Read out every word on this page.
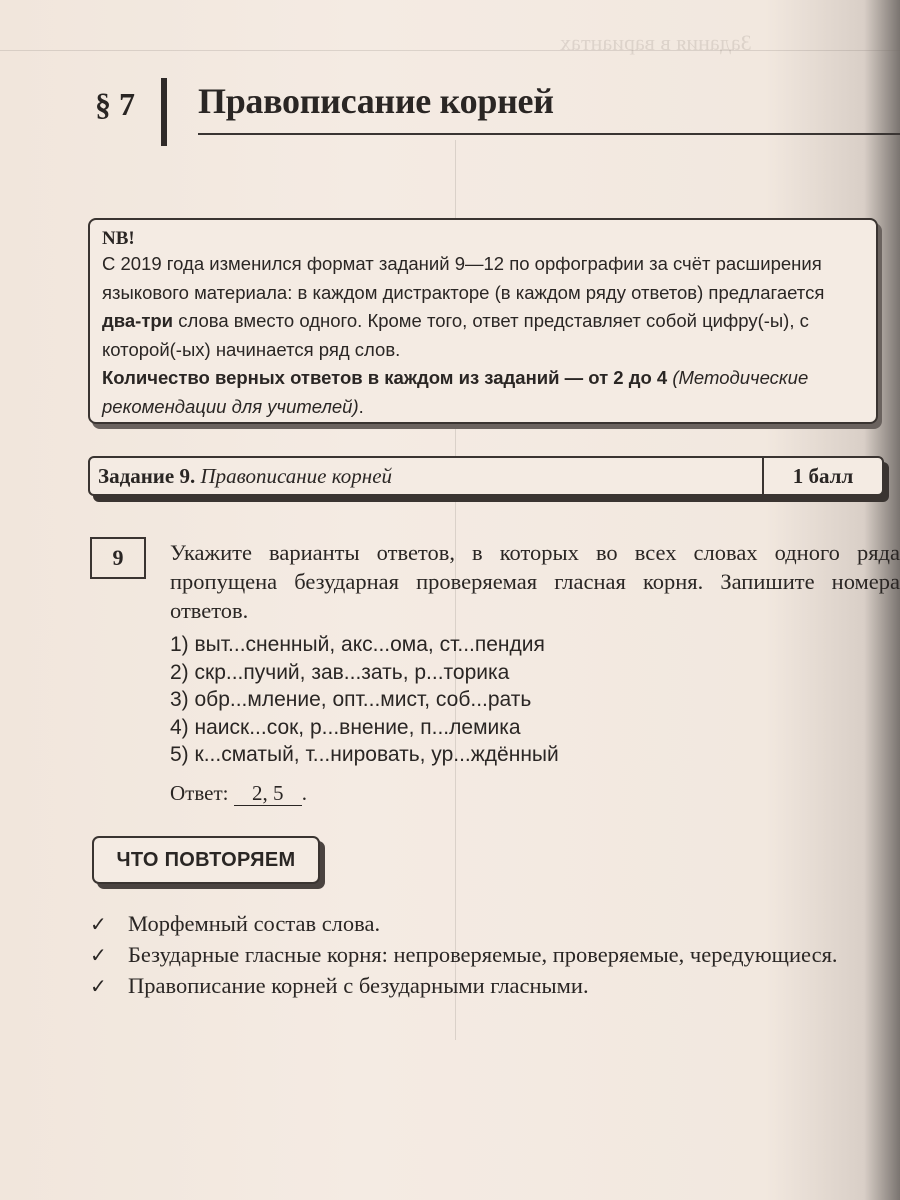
Задания в вариантах
§ 7 Правописание корней
NB!
С 2019 года изменился формат заданий 9—12 по орфографии за счёт расширения языкового материала: в каждом дистракторе (в каждом ряду ответов) предлагается два-три слова вместо одного. Кроме того, ответ представляет собой цифру(-ы), с которой(-ых) начинается ряд слов.
Количество верных ответов в каждом из заданий — от 2 до 4 (Методические рекомендации для учителей).
Задание 9. Правописание корней	1 балл
9	Укажите варианты ответов, в которых во всех словах одного ряда пропущена безударная проверяемая гласная корня. Запишите номера ответов.

1) выт...сненный, акс...ома, ст...пендия
2) скр...пучий, зав...зать, р...торика
3) обр...мление, опт...мист, соб...рать
4) наиск...сок, р...внение, п...лемика
5) к...сматый, т...нировать, ур...ждённый
Ответ: 2, 5 .
ЧТО ПОВТОРЯЕМ
✓ Морфемный состав слова.
✓ Безударные гласные корня: непроверяемые, проверяемые, чередующиеся.
✓ Правописание корней с безударными гласными.
